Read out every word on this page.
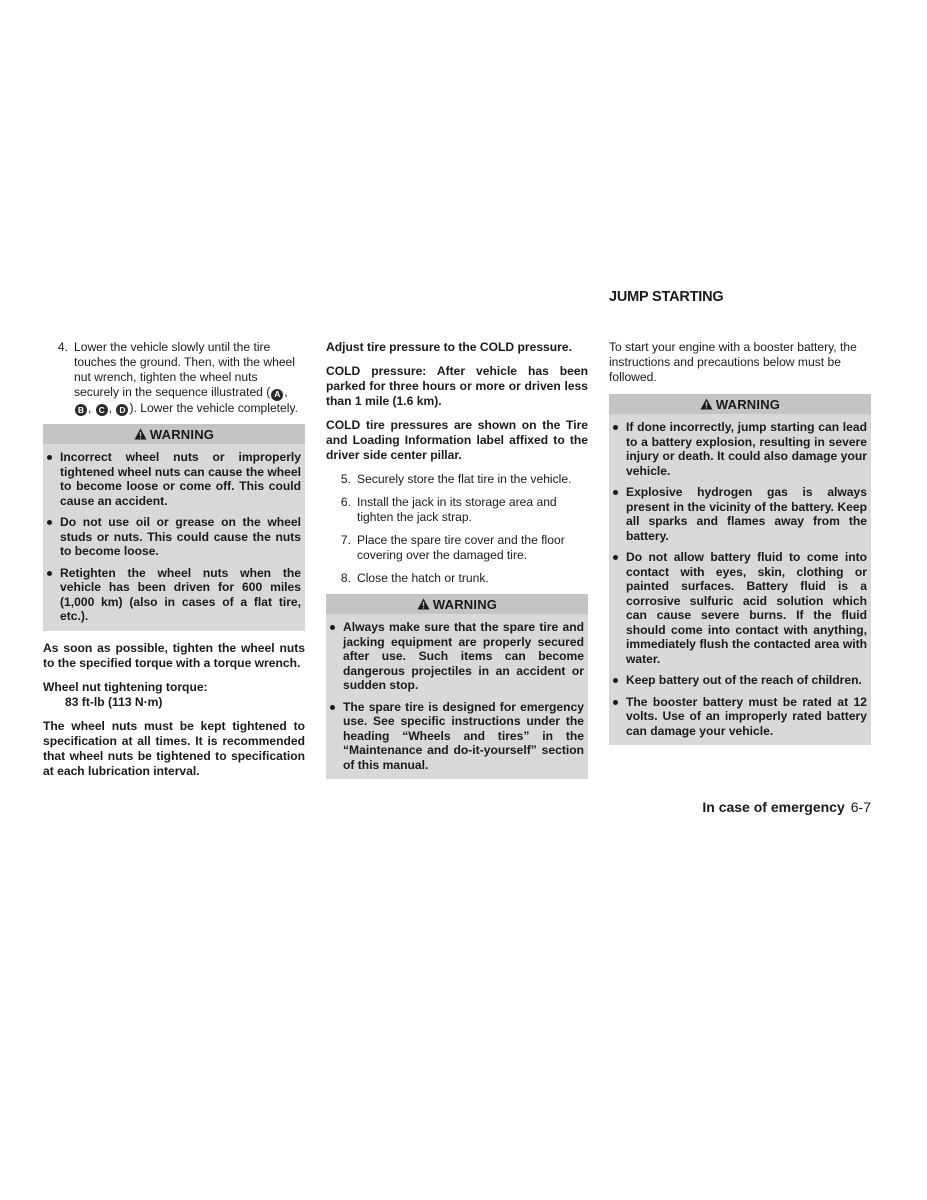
JUMP STARTING
4. Lower the vehicle slowly until the tire touches the ground. Then, with the wheel nut wrench, tighten the wheel nuts securely in the sequence illustrated ( A , B , C , D ). Lower the vehicle completely.
WARNING
Incorrect wheel nuts or improperly tightened wheel nuts can cause the wheel to become loose or come off. This could cause an accident.
Do not use oil or grease on the wheel studs or nuts. This could cause the nuts to become loose.
Retighten the wheel nuts when the vehicle has been driven for 600 miles (1,000 km) (also in cases of a flat tire, etc.).
As soon as possible, tighten the wheel nuts to the specified torque with a torque wrench.
Wheel nut tightening torque:
83 ft-lb (113 N·m)
The wheel nuts must be kept tightened to specification at all times. It is recommended that wheel nuts be tightened to specification at each lubrication interval.
Adjust tire pressure to the COLD pressure.
COLD pressure: After vehicle has been parked for three hours or more or driven less than 1 mile (1.6 km).
COLD tire pressures are shown on the Tire and Loading Information label affixed to the driver side center pillar.
5. Securely store the flat tire in the vehicle.
6. Install the jack in its storage area and tighten the jack strap.
7. Place the spare tire cover and the floor covering over the damaged tire.
8. Close the hatch or trunk.
WARNING
Always make sure that the spare tire and jacking equipment are properly secured after use. Such items can become dangerous projectiles in an accident or sudden stop.
The spare tire is designed for emergency use. See specific instructions under the heading “Wheels and tires” in the “Maintenance and do-it-yourself” section of this manual.
To start your engine with a booster battery, the instructions and precautions below must be followed.
WARNING
If done incorrectly, jump starting can lead to a battery explosion, resulting in severe injury or death. It could also damage your vehicle.
Explosive hydrogen gas is always present in the vicinity of the battery. Keep all sparks and flames away from the battery.
Do not allow battery fluid to come into contact with eyes, skin, clothing or painted surfaces. Battery fluid is a corrosive sulfuric acid solution which can cause severe burns. If the fluid should come into contact with anything, immediately flush the contacted area with water.
Keep battery out of the reach of children.
The booster battery must be rated at 12 volts. Use of an improperly rated battery can damage your vehicle.
In case of emergency 6-7
